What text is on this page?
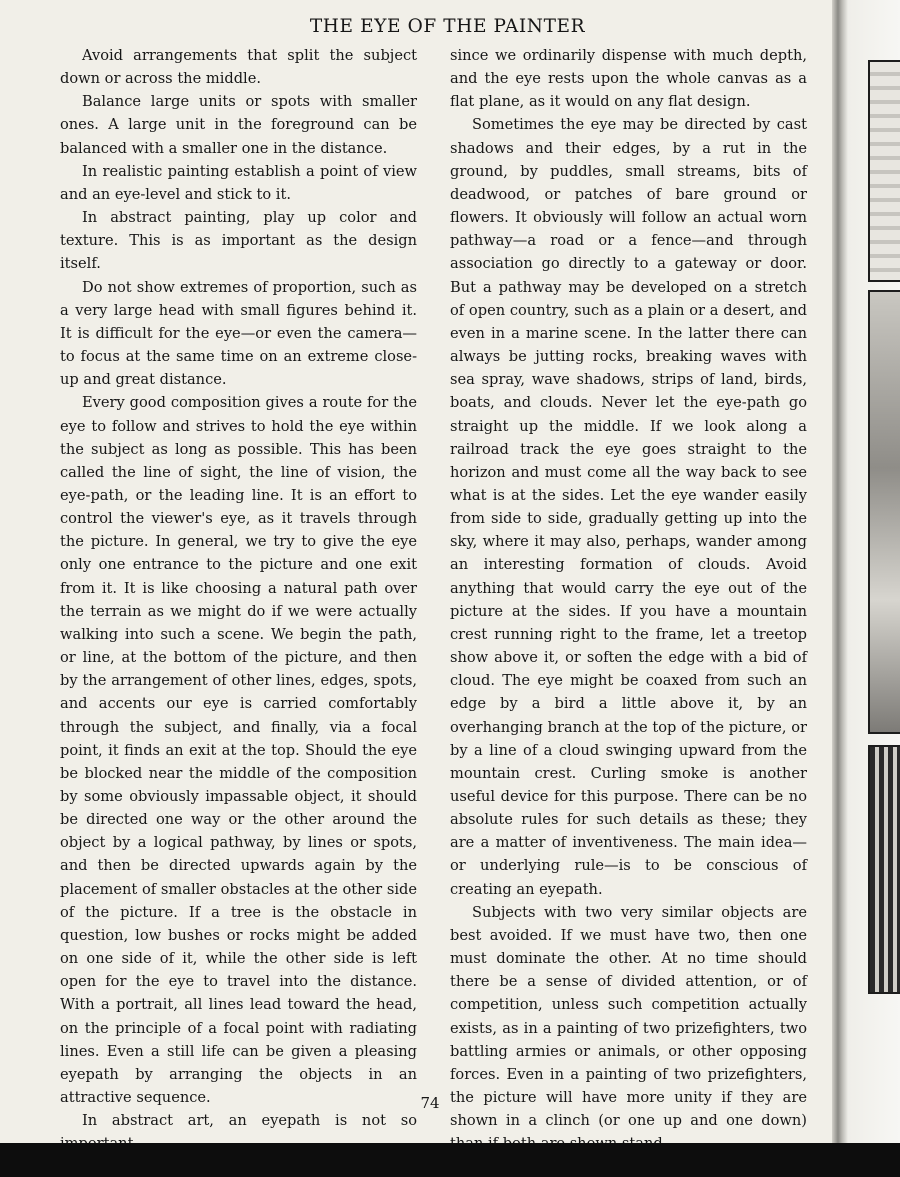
THE EYE OF THE PAINTER

Avoid arrangements that split the subject down or across the middle.

Balance large units or spots with smaller ones. A large unit in the foreground can be balanced with a smaller one in the distance.

In realistic painting establish a point of view and an eye-level and stick to it.

In abstract painting, play up color and texture. This is as important as the design itself.

Do not show extremes of proportion, such as a very large head with small figures behind it. It is difficult for the eye—or even the camera—to focus at the same time on an extreme close-up and great distance.

Every good composition gives a route for the eye to follow and strives to hold the eye within the subject as long as possible. This has been called the line of sight, the line of vision, the eye-path, or the leading line. It is an effort to control the viewer's eye, as it travels through the picture. In general, we try to give the eye only one entrance to the picture and one exit from it. It is like choosing a natural path over the terrain as we might do if we were actually walking into such a scene. We begin the path, or line, at the bottom of the picture, and then by the arrangement of other lines, edges, spots, and accents our eye is carried comfortably through the subject, and finally, via a focal point, it finds an exit at the top. Should the eye be blocked near the middle of the composition by some obviously impassable object, it should be directed one way or the other around the object by a logical pathway, by lines or spots, and then be directed upwards again by the placement of smaller obstacles at the other side of the picture. If a tree is the obstacle in question, low bushes or rocks might be added on one side of it, while the other side is left open for the eye to travel into the distance. With a portrait, all lines lead toward the head, on the principle of a focal point with radiating lines. Even a still life can be given a pleasing eyepath by arranging the objects in an attractive sequence.

In abstract art, an eyepath is not so

since we ordinarily dispense with much depth, and the eye rests upon the whole canvas as a flat plane, as it would on any flat design.

Sometimes the eye may be directed by cast shadows and their edges, by a rut in the ground, by puddles, small streams, bits of deadwood, or patches of bare ground or flowers. It obviously will follow an actual worn pathway—a road or a fence—and through association go directly to a gateway or door. But a pathway may be developed on a stretch of open country, such as a plain or a desert, and even in a marine scene. In the latter there can always be jutting rocks, breaking waves with sea spray, wave shadows, strips of land, birds, boats, and clouds. Never let the eye-path go straight up the middle. If we look along a railroad track the eye goes straight to the horizon and must come all the way back to see what is at the sides. Let the eye wander easily from side to side, gradually getting up into the sky, where it may also, perhaps, wander among an interesting formation of clouds. Avoid anything that would carry the eye out of the picture at the sides. If you have a mountain crest running right to the frame, let a treetop show above it, or soften the edge with a bid of cloud. The eye might be coaxed from such an edge by a bird a little above it, by an overhanging branch at the top of the picture, or by a line of a cloud swinging upward from the mountain crest. Curling smoke is another useful device for this purpose. There can be no absolute rules for such details as these; they are a matter of inventiveness. The main idea—or underlying rule—is to be conscious of creating an eyepath.

Subjects with two very similar objects are best avoided. If we must have two, then one must dominate the other. At no time should there be a sense of divided attention, or of competition, unless such competition actually exists, as in a painting of two prizefighters, two battling armies or animals, or other opposing forces. Even in a painting of two prizefighters, the picture will have more unity if they are shown in a clinch (or one up and one down)

74
